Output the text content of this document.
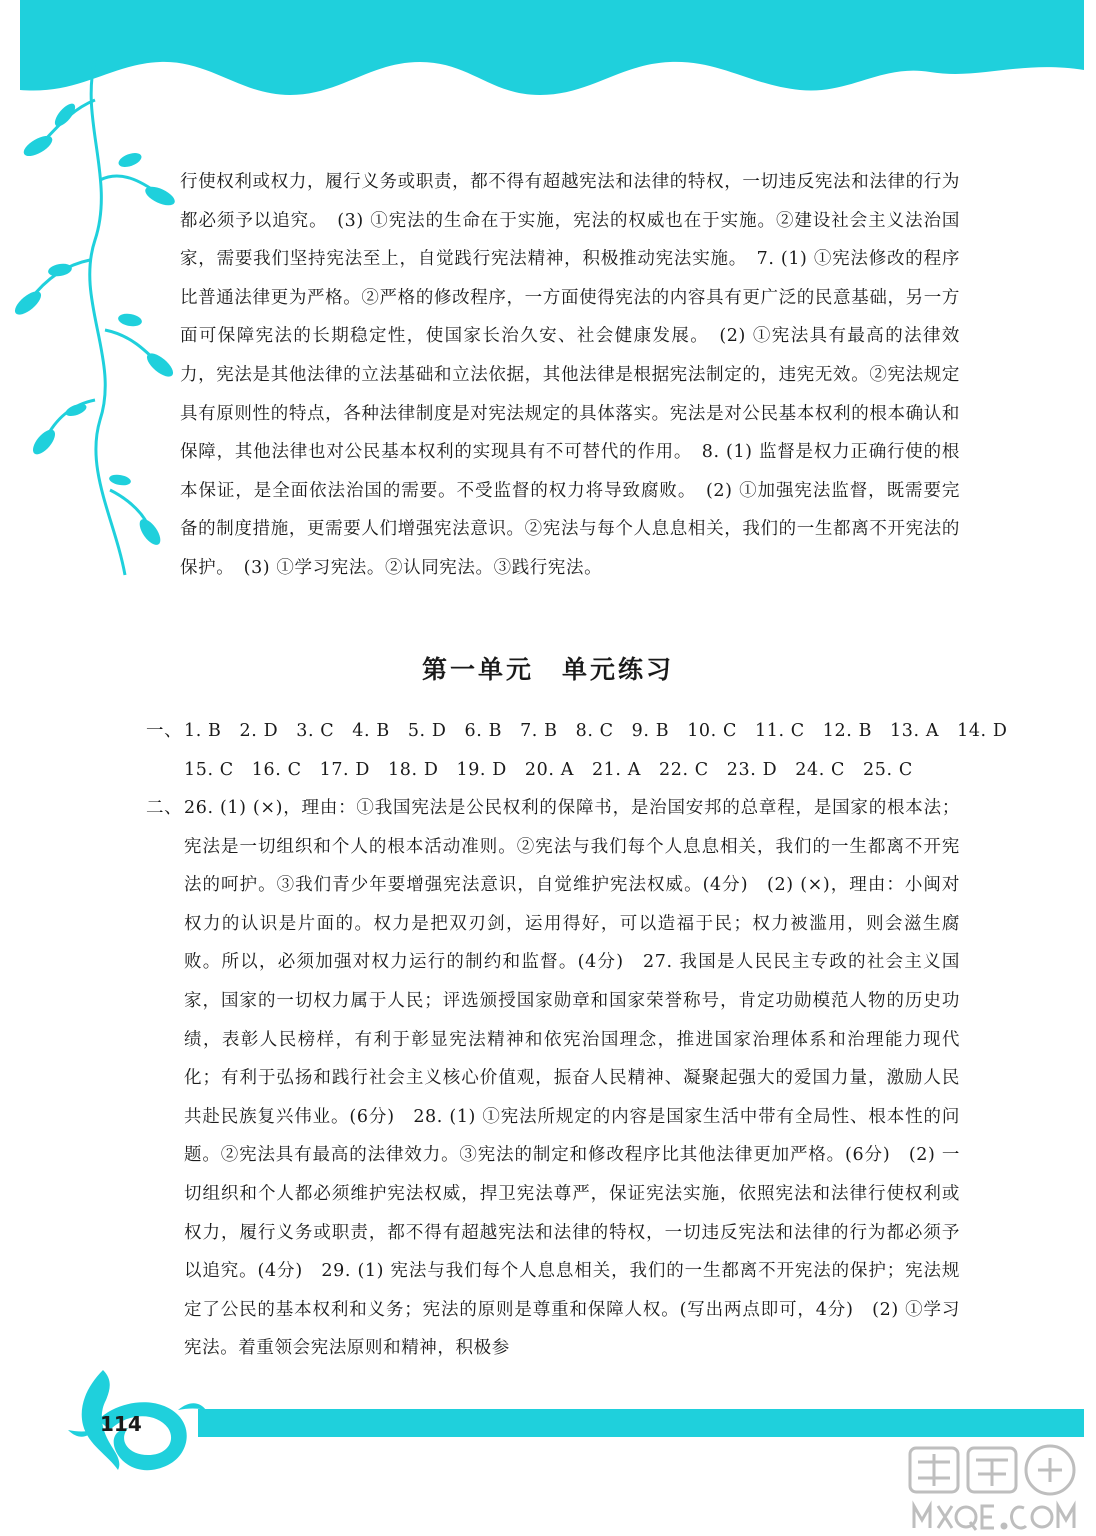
行使权利或权力，履行义务或职责，都不得有超越宪法和法律的特权，一切违反宪法和法律的行为都必须予以追究。　(3) ①宪法的生命在于实施，宪法的权威也在于实施。②建设社会主义法治国家，需要我们坚持宪法至上，自觉践行宪法精神，积极推动宪法实施。　7. (1) ①宪法修改的程序比普通法律更为严格。②严格的修改程序，一方面使得宪法的内容具有更广泛的民意基础，另一方面可保障宪法的长期稳定性，使国家长治久安、社会健康发展。　(2) ①宪法具有最高的法律效力，宪法是其他法律的立法基础和立法依据，其他法律是根据宪法制定的，违宪无效。②宪法规定具有原则性的特点，各种法律制度是对宪法规定的具体落实。宪法是对公民基本权利的根本确认和保障，其他法律也对公民基本权利的实现具有不可替代的作用。　8. (1) 监督是权力正确行使的根本保证，是全面依法治国的需要。不受监督的权力将导致腐败。　(2) ①加强宪法监督，既需要完备的制度措施，更需要人们增强宪法意识。②宪法与每个人息息相关，我们的一生都离不开宪法的保护。　(3) ①学习宪法。②认同宪法。③践行宪法。
第一单元　单元练习
一、 1. B 2. D 3. C 4. B 5. D 6. B 7. B 8. C 9. B 10. C 11. C 12. B 13. A 14. D
15. C 16. C 17. D 18. D 19. D 20. A 21. A 22. C 23. D 24. C 25. C
二、 26. (1) (×)，理由：①我国宪法是公民权利的保障书，是治国安邦的总章程，是国家的根本法；宪法是一切组织和个人的根本活动准则。②宪法与我们每个人息息相关，我们的一生都离不开宪法的呵护。③我们青少年要增强宪法意识，自觉维护宪法权威。(4分)　(2) (×)，理由：小闽对权力的认识是片面的。权力是把双刃剑，运用得好，可以造福于民；权力被滥用，则会滋生腐败。所以，必须加强对权力运行的制约和监督。(4分)　27. 我国是人民民主专政的社会主义国家，国家的一切权力属于人民；评选颁授国家勋章和国家荣誉称号，肯定功勋模范人物的历史功绩，表彰人民榜样，有利于彰显宪法精神和依宪治国理念，推进国家治理体系和治理能力现代化；有利于弘扬和践行社会主义核心价值观，振奋人民精神、凝聚起强大的爱国力量，激励人民共赴民族复兴伟业。(6分)　28. (1) ①宪法所规定的内容是国家生活中带有全局性、根本性的问题。②宪法具有最高的法律效力。③宪法的制定和修改程序比其他法律更加严格。(6分)　(2) 一切组织和个人都必须维护宪法权威，捍卫宪法尊严，保证宪法实施，依照宪法和法律行使权利或权力，履行义务或职责，都不得有超越宪法和法律的特权，一切违反宪法和法律的行为都必须予以追究。(4分)　29. (1) 宪法与我们每个人息息相关，我们的一生都离不开宪法的保护；宪法规定了公民的基本权利和义务；宪法的原则是尊重和保障人权。(写出两点即可，4分)　(2) ①学习宪法。着重领会宪法原则和精神，积极参
114
